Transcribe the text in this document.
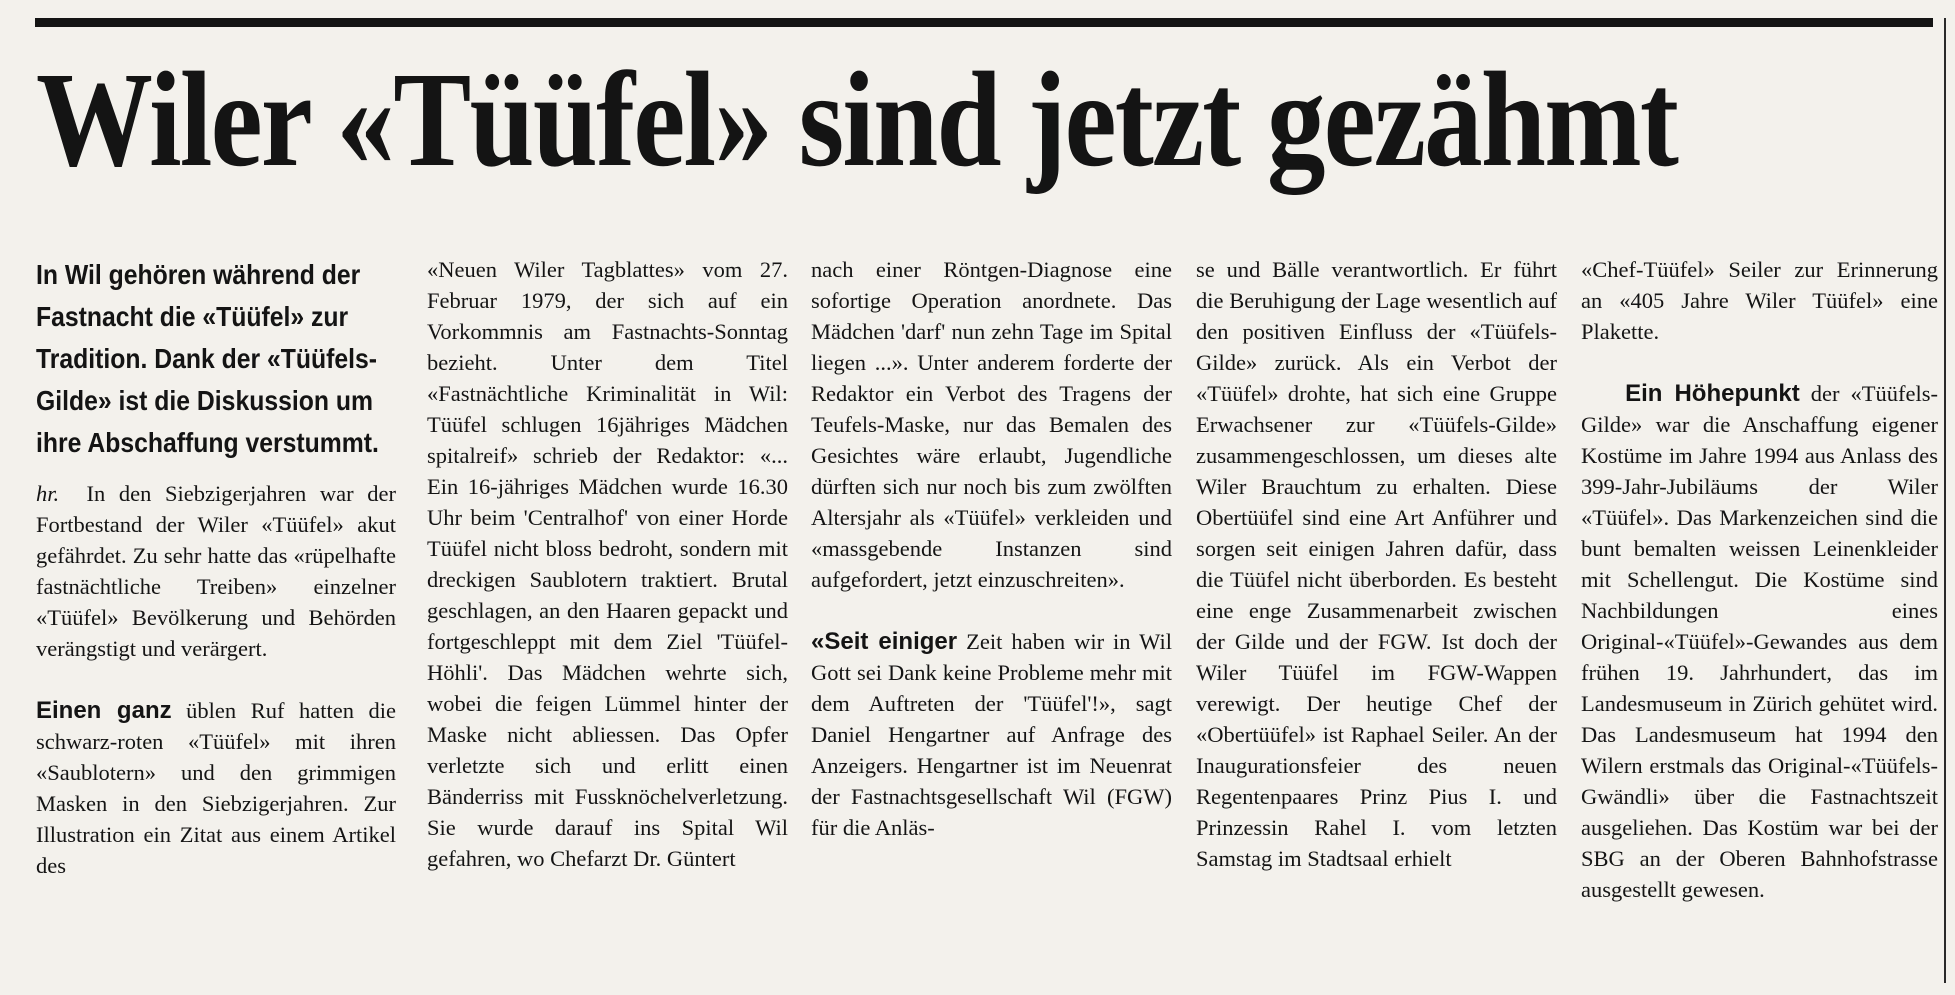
Wiler «Tüüfel» sind jetzt gezähmt

In Wil gehören während der Fastnacht die «Tüüfel» zur Tradition. Dank der «Tüüfels-Gilde» ist die Diskussion um ihre Abschaffung verstummt.

hr. In den Siebzigerjahren war der Fortbestand der Wiler «Tüüfel» akut gefährdet. Zu sehr hatte das «rüpelhafte fastnächtliche Treiben» einzelner «Tüüfel» Bevölkerung und Behörden verängstigt und verärgert.

Einen ganz üblen Ruf hatten die schwarz-roten «Tüüfel» mit ihren «Saublotern» und den grimmigen Masken in den Siebzigerjahren. Zur Illustration ein Zitat aus einem Artikel des

«Neuen Wiler Tagblattes» vom 27. Februar 1979, der sich auf ein Vorkommnis am Fastnachts-Sonntag bezieht. Unter dem Titel «Fastnächtliche Kriminalität in Wil: Tüüfel schlugen 16jähriges Mädchen spitalreif» schrieb der Redaktor: «... Ein 16-jähriges Mädchen wurde 16.30 Uhr beim 'Centralhof' von einer Horde Tüüfel nicht bloss bedroht, sondern mit dreckigen Saublotern traktiert. Brutal geschlagen, an den Haaren gepackt und fortgeschleppt mit dem Ziel 'Tüüfel-Höhli'. Das Mädchen wehrte sich, wobei die feigen Lümmel hinter der Maske nicht abliessen. Das Opfer verletzte sich und erlitt einen Bänderriss mit Fussknöchelverletzung. Sie wurde darauf ins Spital Wil gefahren, wo Chefarzt Dr. Güntert

nach einer Röntgen-Diagnose eine sofortige Operation anordnete. Das Mädchen 'darf' nun zehn Tage im Spital liegen ...». Unter anderem forderte der Redaktor ein Verbot des Tragens der Teufels-Maske, nur das Bemalen des Gesichtes wäre erlaubt, Jugendliche dürften sich nur noch bis zum zwölften Altersjahr als «Tüüfel» verkleiden und «massgebende Instanzen sind aufgefordert, jetzt einzuschreiten».

«Seit einiger Zeit haben wir in Wil Gott sei Dank keine Probleme mehr mit dem Auftreten der 'Tüüfel'!», sagt Daniel Hengartner auf Anfrage des Anzeigers. Hengartner ist im Neuenrat der Fastnachtsgesellschaft Wil (FGW) für die Anläs-

se und Bälle verantwortlich. Er führt die Beruhigung der Lage wesentlich auf den positiven Einfluss der «Tüüfels-Gilde» zurück. Als ein Verbot der «Tüüfel» drohte, hat sich eine Gruppe Erwachsener zur «Tüüfels-Gilde» zusammengeschlossen, um dieses alte Wiler Brauchtum zu erhalten. Diese Obertüüfel sind eine Art Anführer und sorgen seit einigen Jahren dafür, dass die Tüüfel nicht überborden. Es besteht eine enge Zusammenarbeit zwischen der Gilde und der FGW. Ist doch der Wiler Tüüfel im FGW-Wappen verewigt. Der heutige Chef der «Obertüüfel» ist Raphael Seiler. An der Inaugurationsfeier des neuen Regentenpaares Prinz Pius I. und Prinzessin Rahel I. vom letzten Samstag im Stadtsaal erhielt

«Chef-Tüüfel» Seiler zur Erinnerung an «405 Jahre Wiler Tüüfel» eine Plakette.

Ein Höhepunkt der «Tüüfels-Gilde» war die Anschaffung eigener Kostüme im Jahre 1994 aus Anlass des 399-Jahr-Jubiläums der Wiler «Tüüfel». Das Markenzeichen sind die bunt bemalten weissen Leinenkleider mit Schellengut. Die Kostüme sind Nachbildungen eines Original-«Tüüfel»-Gewandes aus dem frühen 19. Jahrhundert, das im Landesmuseum in Zürich gehütet wird. Das Landesmuseum hat 1994 den Wilern erstmals das Original-«Tüüfels-Gwändli» über die Fastnachtszeit ausgeliehen. Das Kostüm war bei der SBG an der Oberen Bahnhofstrasse ausgestellt gewesen.
